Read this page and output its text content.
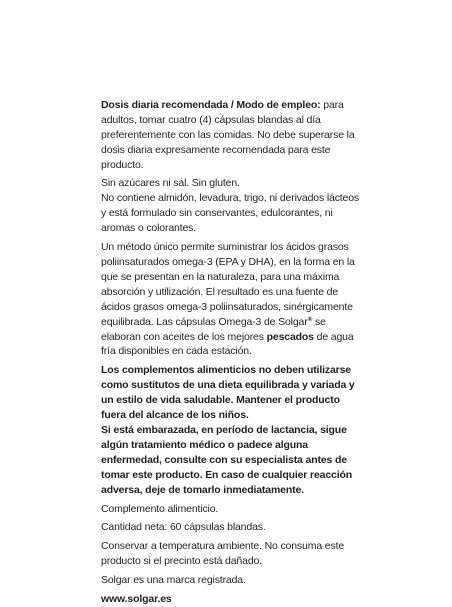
Dosis diaria recomendada / Modo de empleo: para adultos, tomar cuatro (4) cápsulas blandas al día preferentemente con las comidas. No debe superarse la dosis diaria expresamente recomendada para este producto.

Sin azúcares ni sal. Sin gluten.

No contiene almidón, levadura, trigo, ni derivados lácteos y está formulado sin conservantes, edulcorantes, ni aromas o colorantes.

Un método único permite suministrar los ácidos grasos poliinsaturados omega-3 (EPA y DHA), en la forma en la que se presentan en la naturaleza, para una máxima absorción y utilización. El resultado es una fuente de ácidos grasos omega-3 poliinsaturados, sinérgicamente equilibrada. Las cápsulas Omega-3 de Solgar® se elaboran con aceites de los mejores pescados de agua fría disponibles en cada estación.

Los complementos alimenticios no deben utilizarse como sustitutos de una dieta equilibrada y variada y un estilo de vida saludable. Mantener el producto fuera del alcance de los niños.

Si está embarazada, en período de lactancia, sigue algún tratamiento médico o padece alguna enfermedad, consulte con su especialista antes de tomar este producto. En caso de cualquier reacción adversa, deje de tomarlo inmediatamente.

Complemento alimenticio.

Cantidad neta: 60 cápsulas blandas.

Conservar a temperatura ambiente. No consuma este producto si el precinto está dañado.

Solgar es una marca registrada.

www.solgar.es
